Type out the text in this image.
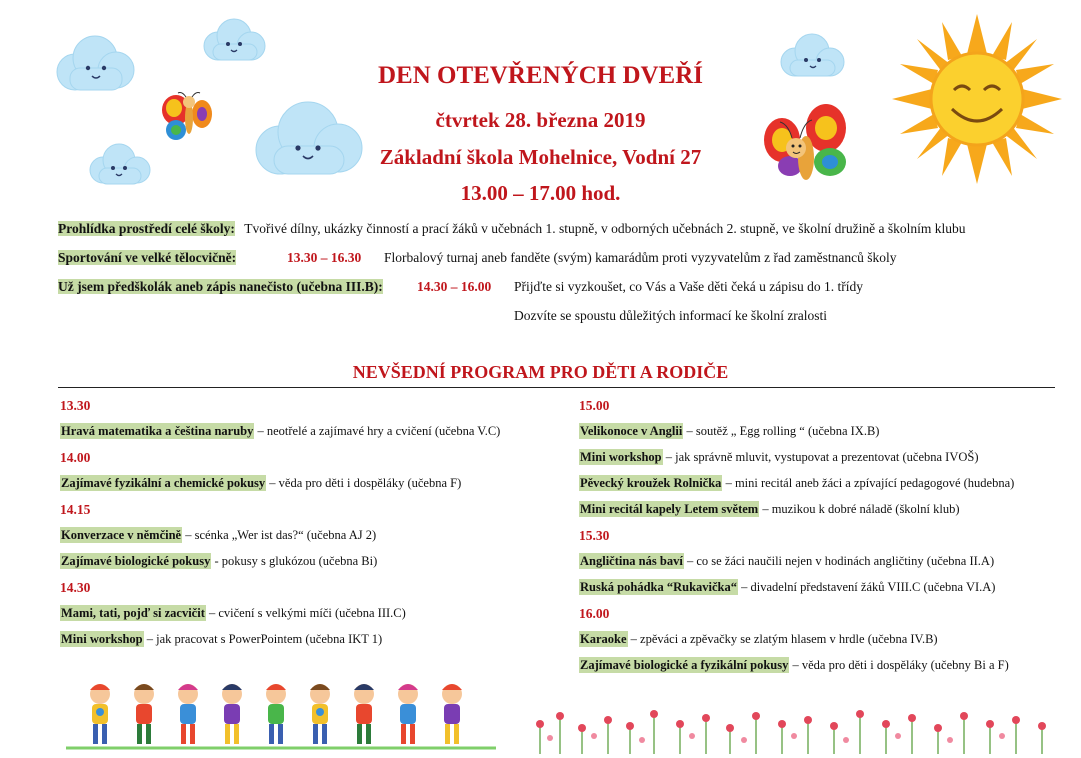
DEN OTEVŘENÝCH DVEŘÍ
čtvrtek 28. března 2019
Základní škola Mohelnice, Vodní 27
13.00 – 17.00 hod.
Prohlídka prostředí celé školy: Tvořivé dílny, ukázky činností a prací žáků v učebnách 1. stupně, v odborných učebnách 2. stupně, ve školní družině a školním klubu
Sportování ve velké tělocvičně:	13.30 – 16.30 Florbalový turnaj aneb fanděte (svým) kamarádům proti vyzyvatelům z řad zaměstnanců školy
Už jsem předškolák aneb zápis nanečisto (učebna III.B):	14.30 – 16.00 Přijďte si vyzkoušet, co Vás a Vaše děti čeká u zápisu do 1. třídy
Dozvíte se spoustu důležitých informací ke školní zralosti
NEVŠEDNÍ PROGRAM PRO DĚTI A RODIČE
13.30
Hravá matematika a čeština naruby – neotřelé a zajímavé hry a cvičení (učebna V.C)
14.00
Zajímavé fyzikální a chemické pokusy – věda pro děti i dospěláky (učebna F)
14.15
Konverzace v němčině – scénka „Wer ist das?“ (učebna AJ 2)
Zajímavé biologické pokusy - pokusy s glukózou (učebna Bi)
14.30
Mami, tati, pojď si zacvičit – cvičení s velkými míči (učebna III.C)
Mini workshop – jak pracovat s PowerPointem (učebna IKT 1)
15.00
Velikonoce v Anglii – soutěž „ Egg rolling “ (učebna IX.B)
Mini workshop – jak správně mluvit, vystupovat a prezentovat (učebna IVOŠ)
Pěvecký kroužek Rolnička – mini recitál aneb žáci a zpívající pedagogové (hudebna)
Mini recitál kapely Letem světem – muzikou k dobré náladě (školní klub)
15.30
Angličtina nás baví – co se žáci naučili nejen v hodinách angličtiny (učebna II.A)
Ruská pohádka “Rukavička“ – divadelní představení žáků VIII.C (učebna VI.A)
16.00
Karaoke – zpěváci a zpěvačky se zlatým hlasem v hrdle (učebna IV.B)
Zajímavé biologické a fyzikální pokusy – věda pro děti i dospěláky (učebny Bi a F)
